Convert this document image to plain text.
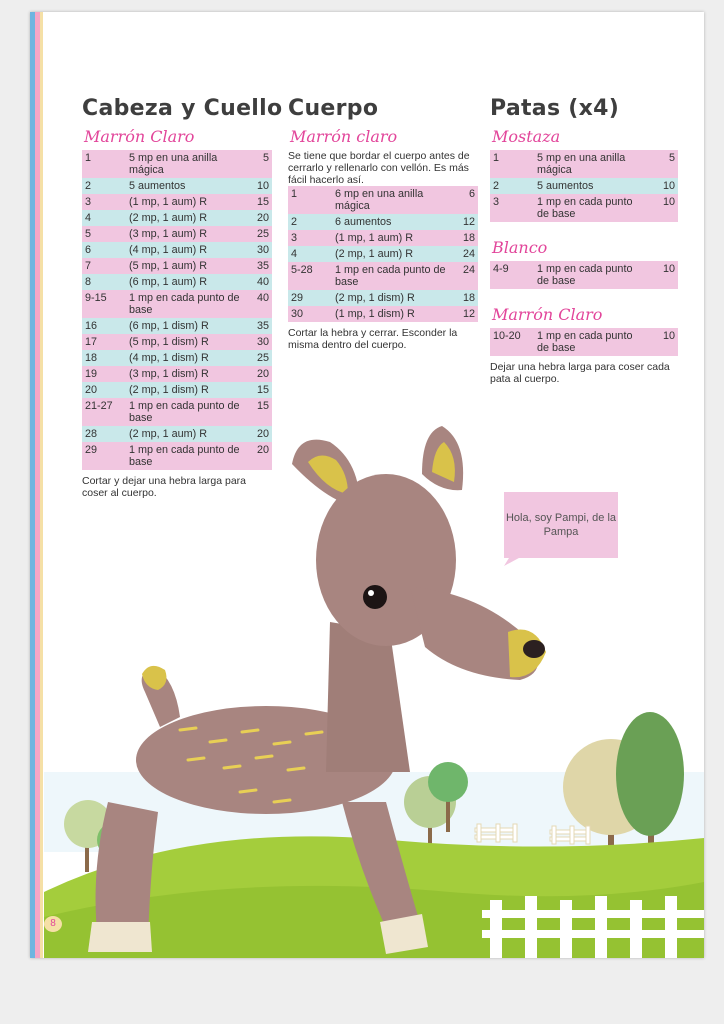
Cabeza y Cuello
Marrón Claro
1	5 mp en una anilla mágica	5
2	5 aumentos	10
3	(1 mp, 1 aum) R	15
4	(2 mp, 1 aum) R	20
5	(3 mp, 1 aum) R	25
6	(4 mp, 1 aum) R	30
7	(5 mp, 1 aum) R	35
8	(6 mp, 1 aum) R	40
9-15	1 mp en cada punto de base	40
16	(6 mp, 1 dism) R	35
17	(5 mp, 1 dism) R	30
18	(4 mp, 1 dism) R	25
19	(3 mp, 1 dism) R	20
20	(2 mp, 1 dism) R	15
21-27	1 mp en cada punto de base	15
28	(2 mp, 1 aum) R	20
29	1 mp en cada punto de base	20

Cortar y dejar una hebra larga para coser al cuerpo.

Cuerpo
Marrón claro

Se tiene que bordar el cuerpo antes de cerrarlo y rellenarlo con vellón. Es más fácil hacerlo así.

1	6 mp en una anilla mágica	6
2	6 aumentos	12
3	(1 mp, 1 aum) R	18
4	(2 mp, 1 aum) R	24
5-28	1 mp en cada punto de base	24
29	(2 mp, 1 dism) R	18
30	(1 mp, 1 dism) R	12

Cortar la hebra y cerrar. Esconder la misma dentro del cuerpo.

Patas (x4)
Mostaza
1	5 mp en una anilla mágica	5
2	5 aumentos	10
3	1 mp en cada punto de base	10
Blanco
4-9	1 mp en cada punto de base	10
Marrón Claro
10-20	1 mp en cada punto de base	10

Dejar una hebra larga para coser cada pata al cuerpo.

Hola, soy Pampi, de la Pampa
8
